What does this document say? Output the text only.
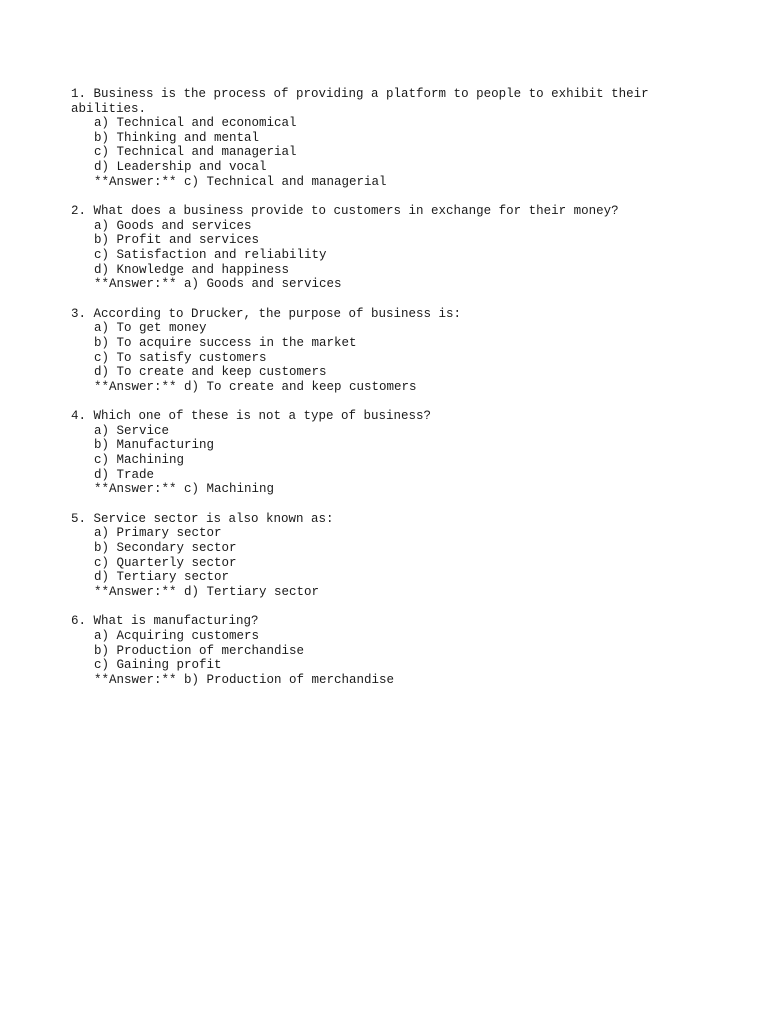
1. Business is the process of providing a platform to people to exhibit their
abilities.
a) Technical and economical
b) Thinking and mental
c) Technical and managerial
d) Leadership and vocal
**Answer:** c) Technical and managerial
2. What does a business provide to customers in exchange for their money?
a) Goods and services
b) Profit and services
c) Satisfaction and reliability
d) Knowledge and happiness
**Answer:** a) Goods and services
3. According to Drucker, the purpose of business is:
a) To get money
b) To acquire success in the market
c) To satisfy customers
d) To create and keep customers
**Answer:** d) To create and keep customers
4. Which one of these is not a type of business?
a) Service
b) Manufacturing
c) Machining
d) Trade
**Answer:** c) Machining
5. Service sector is also known as:
a) Primary sector
b) Secondary sector
c) Quarterly sector
d) Tertiary sector
**Answer:** d) Tertiary sector
6. What is manufacturing?
a) Acquiring customers
b) Production of merchandise
c) Gaining profit
**Answer:** b) Production of merchandise
